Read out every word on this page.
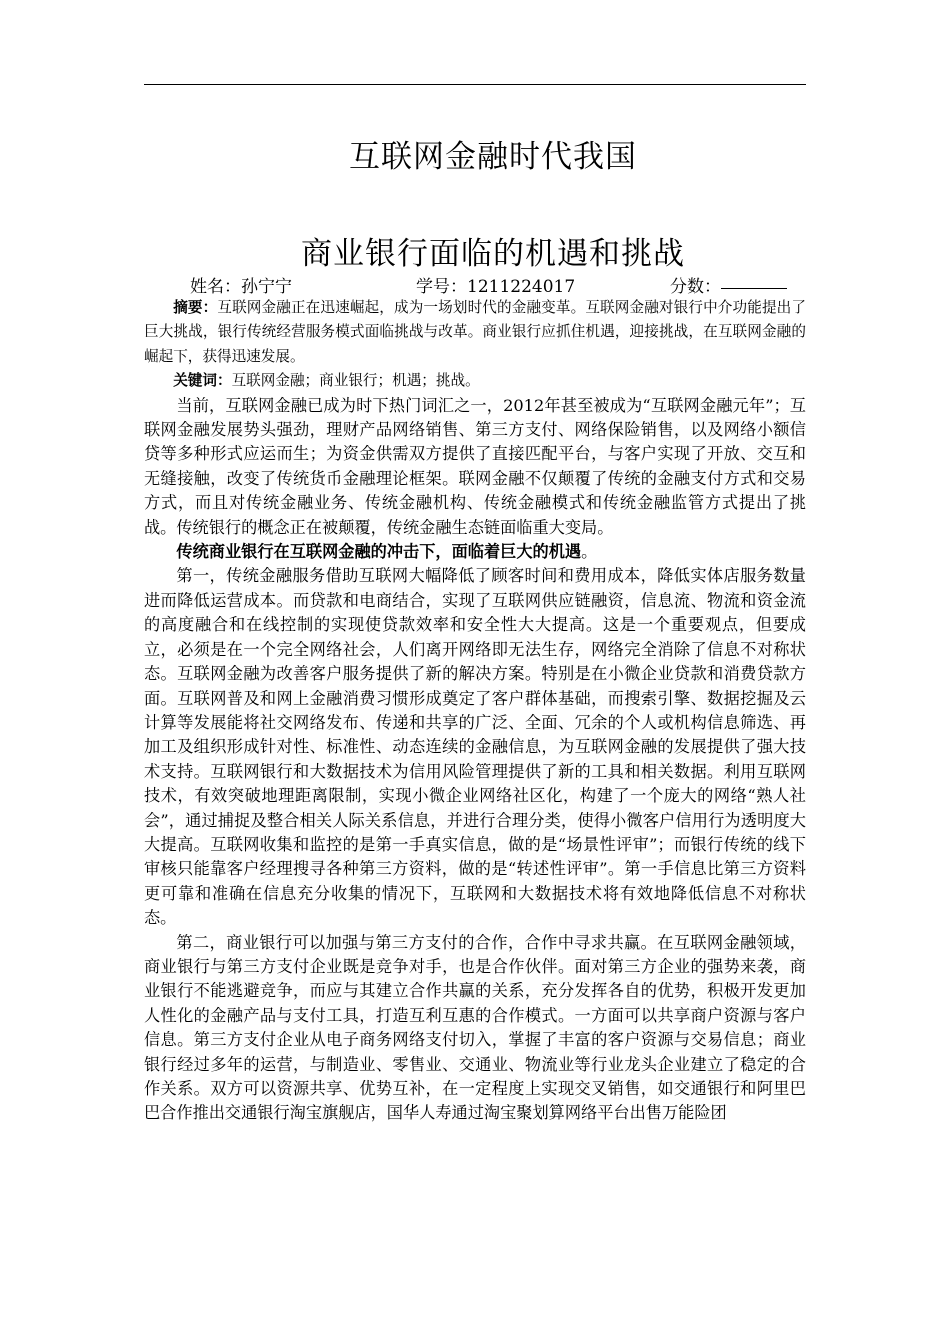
互联网金融时代我国
商业银行面临的机遇和挑战
姓名：孙宁宁	学号：1211224017	分数：

摘要：互联网金融正在迅速崛起，成为一场划时代的金融变革。互联网金融对银行中介功能提出了巨大挑战，银行传统经营服务模式面临挑战与改革。商业银行应抓住机遇，迎接挑战，在互联网金融的崛起下，获得迅速发展。

关键词：互联网金融；商业银行；机遇；挑战。

当前，互联网金融已成为时下热门词汇之一，2012年甚至被成为“互联网金融元年”；互联网金融发展势头强劲，理财产品网络销售、第三方支付、网络保险销售，以及网络小额信贷等多种形式应运而生；为资金供需双方提供了直接匹配平台，与客户实现了开放、交互和无缝接触，改变了传统货币金融理论框架。联网金融不仅颠覆了传统的金融支付方式和交易方式，而且对传统金融业务、传统金融机构、传统金融模式和传统金融监管方式提出了挑战。传统银行的概念正在被颠覆，传统金融生态链面临重大变局。

传统商业银行在互联网金融的冲击下，面临着巨大的机遇。

第一，传统金融服务借助互联网大幅降低了顾客时间和费用成本，降低实体店服务数量进而降低运营成本。而贷款和电商结合，实现了互联网供应链融资，信息流、物流和资金流的高度融合和在线控制的实现使贷款效率和安全性大大提高。这是一个重要观点，但要成立，必须是在一个完全网络社会，人们离开网络即无法生存，网络完全消除了信息不对称状态。互联网金融为改善客户服务提供了新的解决方案。特别是在小微企业贷款和消费贷款方面。互联网普及和网上金融消费习惯形成奠定了客户群体基础，而搜索引擎、数据挖掘及云计算等发展能将社交网络发布、传递和共享的广泛、全面、冗余的个人或机构信息筛选、再加工及组织形成针对性、标准性、动态连续的金融信息，为互联网金融的发展提供了强大技术支持。互联网银行和大数据技术为信用风险管理提供了新的工具和相关数据。利用互联网技术，有效突破地理距离限制，实现小微企业网络社区化，构建了一个庞大的网络“熟人社会”，通过捕捉及整合相关人际关系信息，并进行合理分类，使得小微客户信用行为透明度大大提高。互联网收集和监控的是第一手真实信息，做的是“场景性评审”；而银行传统的线下审核只能靠客户经理搜寻各种第三方资料，做的是“转述性评审”。第一手信息比第三方资料更可靠和准确在信息充分收集的情况下，互联网和大数据技术将有效地降低信息不对称状态。

第二，商业银行可以加强与第三方支付的合作，合作中寻求共赢。在互联网金融领域，商业银行与第三方支付企业既是竞争对手，也是合作伙伴。面对第三方企业的强势来袭，商业银行不能逃避竞争，而应与其建立合作共赢的关系，充分发挥各自的优势，积极开发更加人性化的金融产品与支付工具，打造互利互惠的合作模式。一方面可以共享商户资源与客户信息。第三方支付企业从电子商务网络支付切入，掌握了丰富的客户资源与交易信息；商业银行经过多年的运营，与制造业、零售业、交通业、物流业等行业龙头企业建立了稳定的合作关系。双方可以资源共享、优势互补，在一定程度上实现交叉销售，如交通银行和阿里巴巴合作推出交通银行淘宝旗舰店，国华人寿通过淘宝聚划算网络平台出售万能险团
